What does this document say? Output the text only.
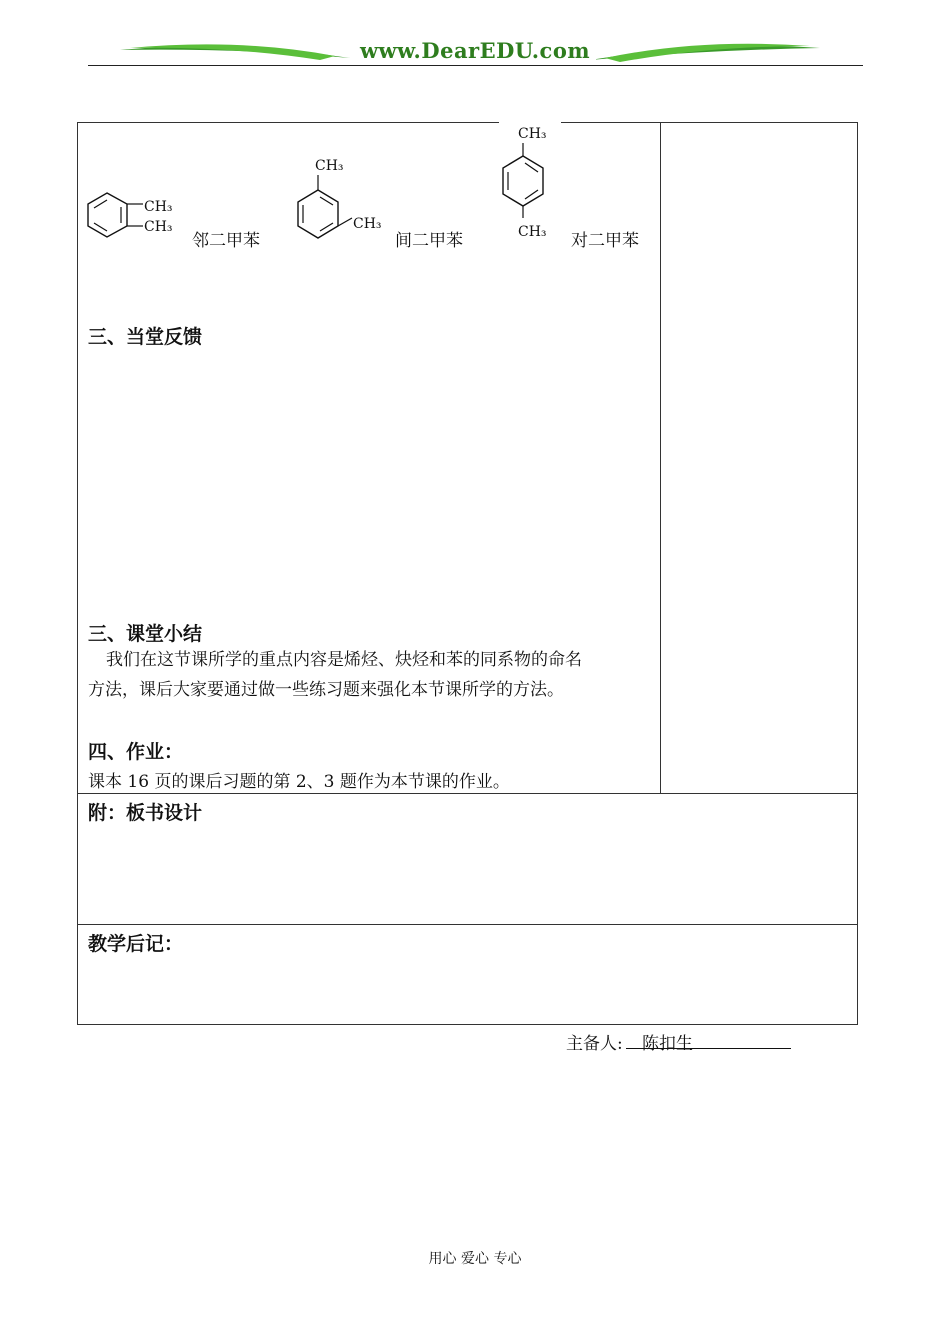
www.DearEDU.com
CH₃
CH₃
邻二甲苯
CH₃
CH₃
间二甲苯
CH₃
CH₃ 对二甲苯
三、当堂反馈
三、课堂小结
我们在这节课所学的重点内容是烯烃、炔烃和苯的同系物的命名
方法，课后大家要通过做一些练习题来强化本节课所学的方法。
四、作业：
课本 16 页的课后习题的第 2、3 题作为本节课的作业。
附：板书设计
教学后记：
主备人: 陈扣生
用心 爱心 专心
